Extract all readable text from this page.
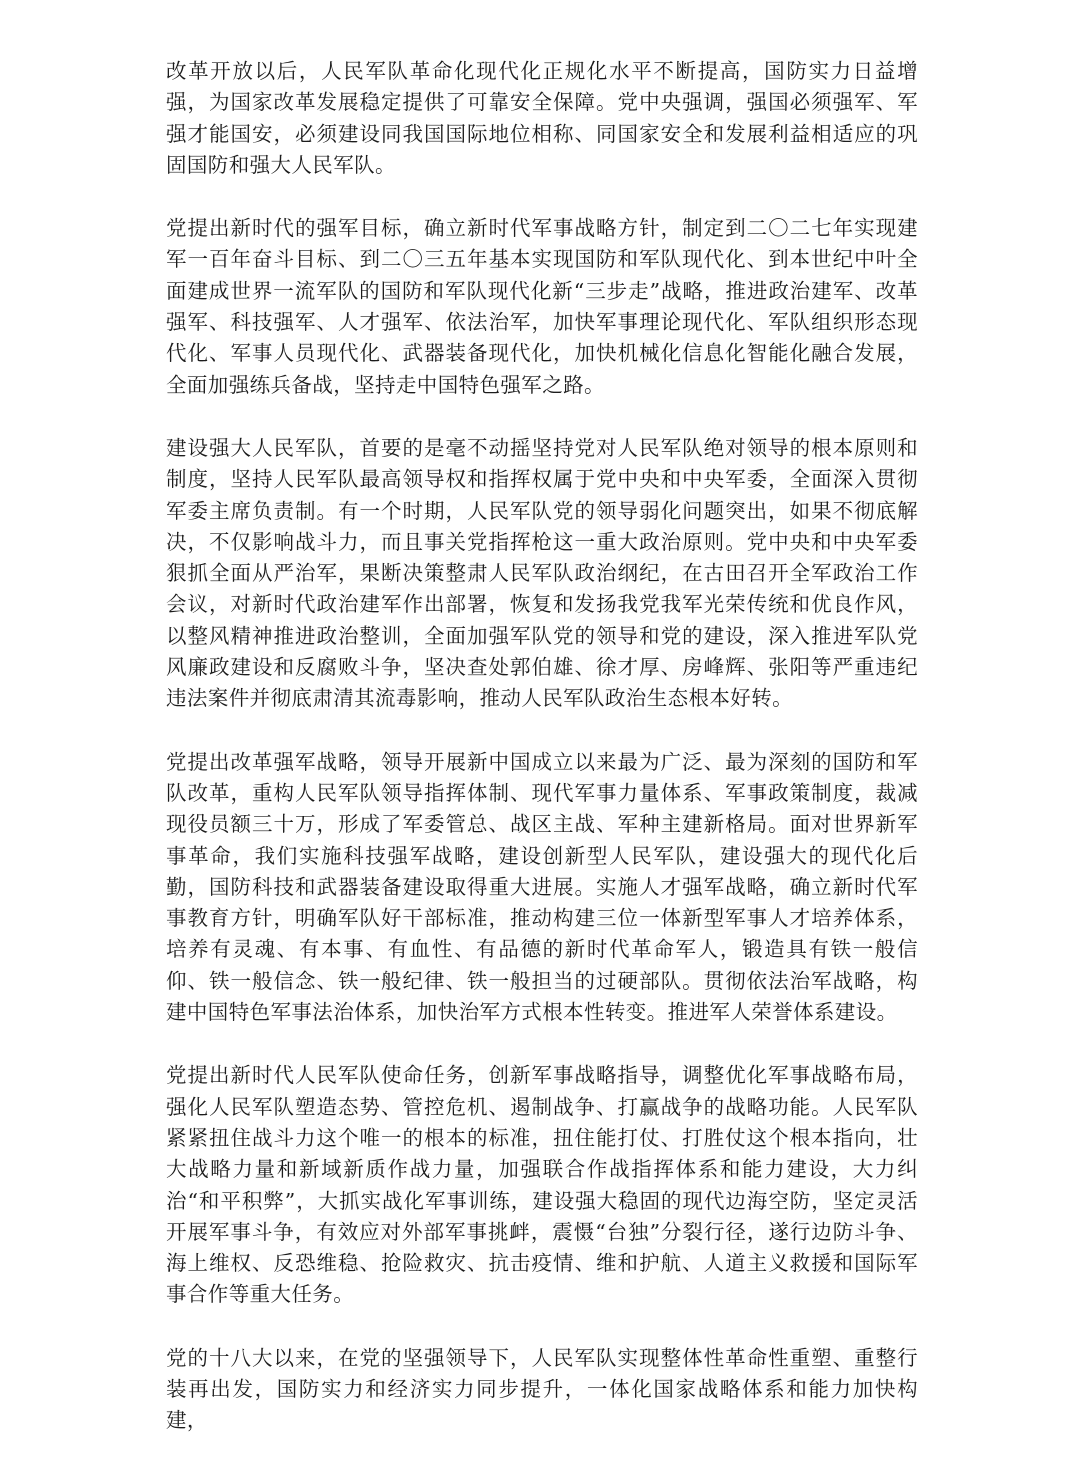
改革开放以后，人民军队革命化现代化正规化水平不断提高，国防实力日益增强，为国家改革发展稳定提供了可靠安全保障。党中央强调，强国必须强军、军强才能国安，必须建设同我国国际地位相称、同国家安全和发展利益相适应的巩固国防和强大人民军队。

党提出新时代的强军目标，确立新时代军事战略方针，制定到二〇二七年实现建军一百年奋斗目标、到二〇三五年基本实现国防和军队现代化、到本世纪中叶全面建成世界一流军队的国防和军队现代化新“三步走”战略，推进政治建军、改革强军、科技强军、人才强军、依法治军，加快军事理论现代化、军队组织形态现代化、军事人员现代化、武器装备现代化，加快机械化信息化智能化融合发展，全面加强练兵备战，坚持走中国特色强军之路。

建设强大人民军队，首要的是毫不动摇坚持党对人民军队绝对领导的根本原则和制度，坚持人民军队最高领导权和指挥权属于党中央和中央军委，全面深入贯彻军委主席负责制。有一个时期，人民军队党的领导弱化问题突出，如果不彻底解决，不仅影响战斗力，而且事关党指挥枪这一重大政治原则。党中央和中央军委狠抓全面从严治军，果断决策整肃人民军队政治纲纪，在古田召开全军政治工作会议，对新时代政治建军作出部署，恢复和发扬我党我军光荣传统和优良作风，以整风精神推进政治整训，全面加强军队党的领导和党的建设，深入推进军队党风廉政建设和反腐败斗争，坚决查处郭伯雄、徐才厚、房峰辉、张阳等严重违纪违法案件并彻底肃清其流毒影响，推动人民军队政治生态根本好转。

党提出改革强军战略，领导开展新中国成立以来最为广泛、最为深刻的国防和军队改革，重构人民军队领导指挥体制、现代军事力量体系、军事政策制度，裁减现役员额三十万，形成了军委管总、战区主战、军种主建新格局。面对世界新军事革命，我们实施科技强军战略，建设创新型人民军队，建设强大的现代化后勤，国防科技和武器装备建设取得重大进展。实施人才强军战略，确立新时代军事教育方针，明确军队好干部标准，推动构建三位一体新型军事人才培养体系，培养有灵魂、有本事、有血性、有品德的新时代革命军人，锻造具有铁一般信仰、铁一般信念、铁一般纪律、铁一般担当的过硬部队。贯彻依法治军战略，构建中国特色军事法治体系，加快治军方式根本性转变。推进军人荣誉体系建设。

党提出新时代人民军队使命任务，创新军事战略指导，调整优化军事战略布局，强化人民军队塑造态势、管控危机、遏制战争、打赢战争的战略功能。人民军队紧紧扭住战斗力这个唯一的根本的标准，扭住能打仗、打胜仗这个根本指向，壮大战略力量和新域新质作战力量，加强联合作战指挥体系和能力建设，大力纠治“和平积弊”，大抓实战化军事训练，建设强大稳固的现代边海空防，坚定灵活开展军事斗争，有效应对外部军事挑衅，震慑“台独”分裂行径，遂行边防斗争、海上维权、反恐维稳、抢险救灾、抗击疫情、维和护航、人道主义救援和国际军事合作等重大任务。

党的十八大以来，在党的坚强领导下，人民军队实现整体性革命性重塑、重整行装再出发，国防实力和经济实力同步提升，一体化国家战略体系和能力加快构建，
